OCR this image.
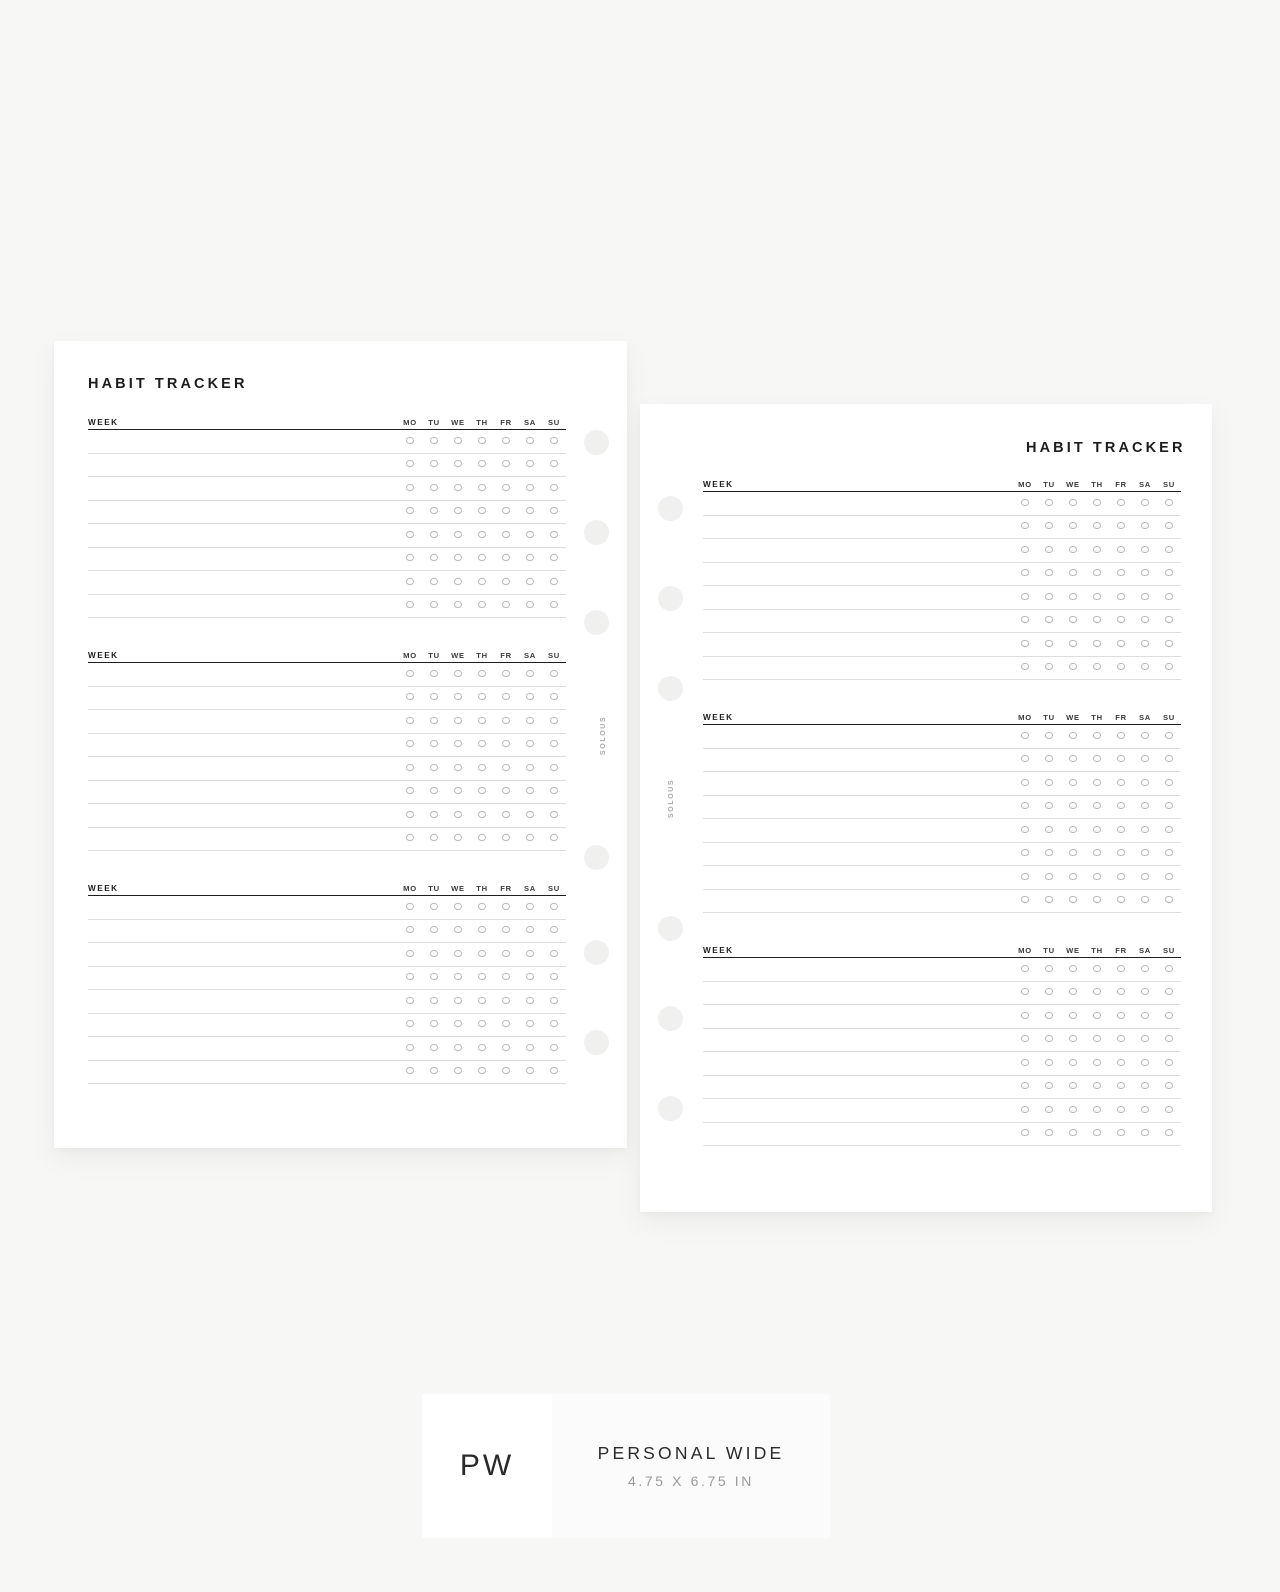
WEEK	MO	TU	WE	TH	FR	SA	SU
WEEK	MO	TU	WE	TH	FR	SA	SU
WEEK	MO	TU	WE	TH	FR	SA	SU
HABIT TRACKER
SOLOUS
WEEK	MO	TU	WE	TH	FR	SA	SU
WEEK	MO	TU	WE	TH	FR	SA	SU
WEEK	MO	TU	WE	TH	FR	SA	SU
HABIT TRACKER
SOLOUS
PW	PERSONAL WIDE
4.75 X 6.75 IN
